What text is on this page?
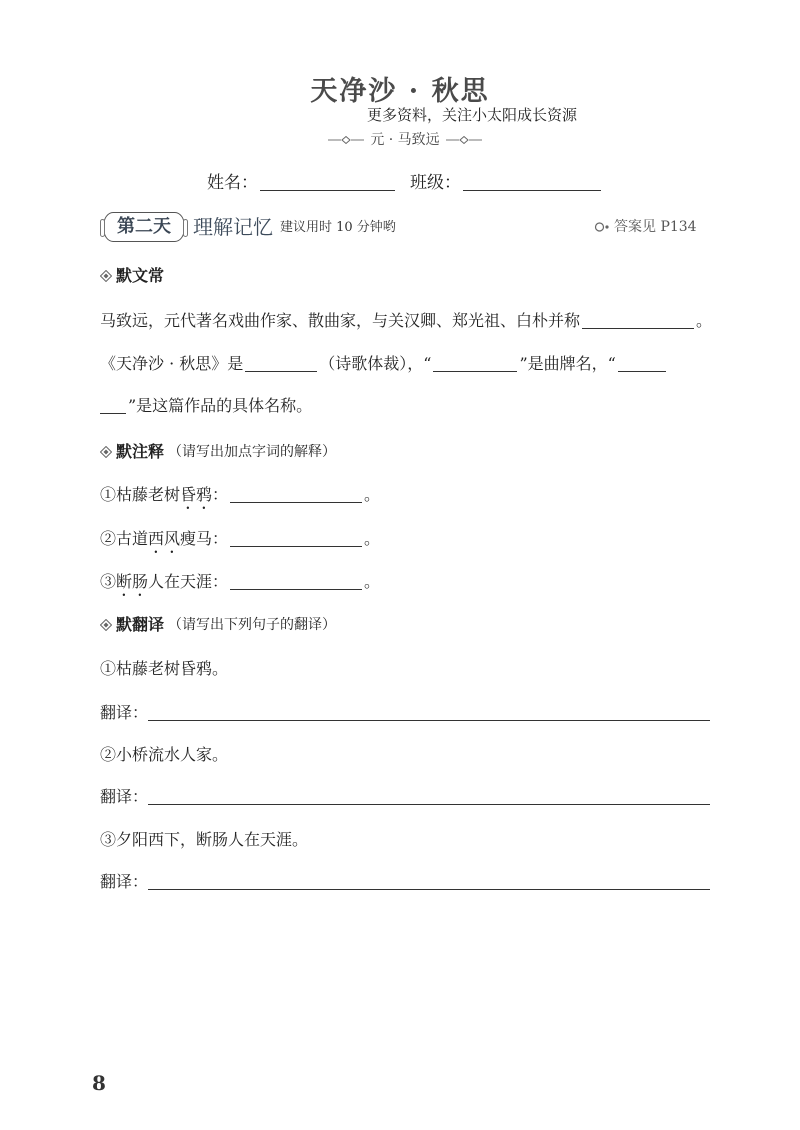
天净沙 · 秋思
更多资料，关注小太阳成长资源
元 · 马致远
姓名：	班级：
第二天	理解记忆 建议用时 10 分钟哟	答案见 P134
默文常
马致远，元代著名戏曲作家、散曲家，与关汉卿、郑光祖、白朴并称	。
《天净沙 · 秋思》是	（诗歌体裁），“	”是曲牌名，“
”是这篇作品的具体名称。
默注释 （请写出加点字词的解释）
①枯藤老树昏鸦：	。
②古道西风瘦马：	。
③断肠人在天涯：	。
默翻译 （请写出下列句子的翻译）
①枯藤老树昏鸦。
翻译：
②小桥流水人家。
翻译：
③夕阳西下，断肠人在天涯。
翻译：
8
